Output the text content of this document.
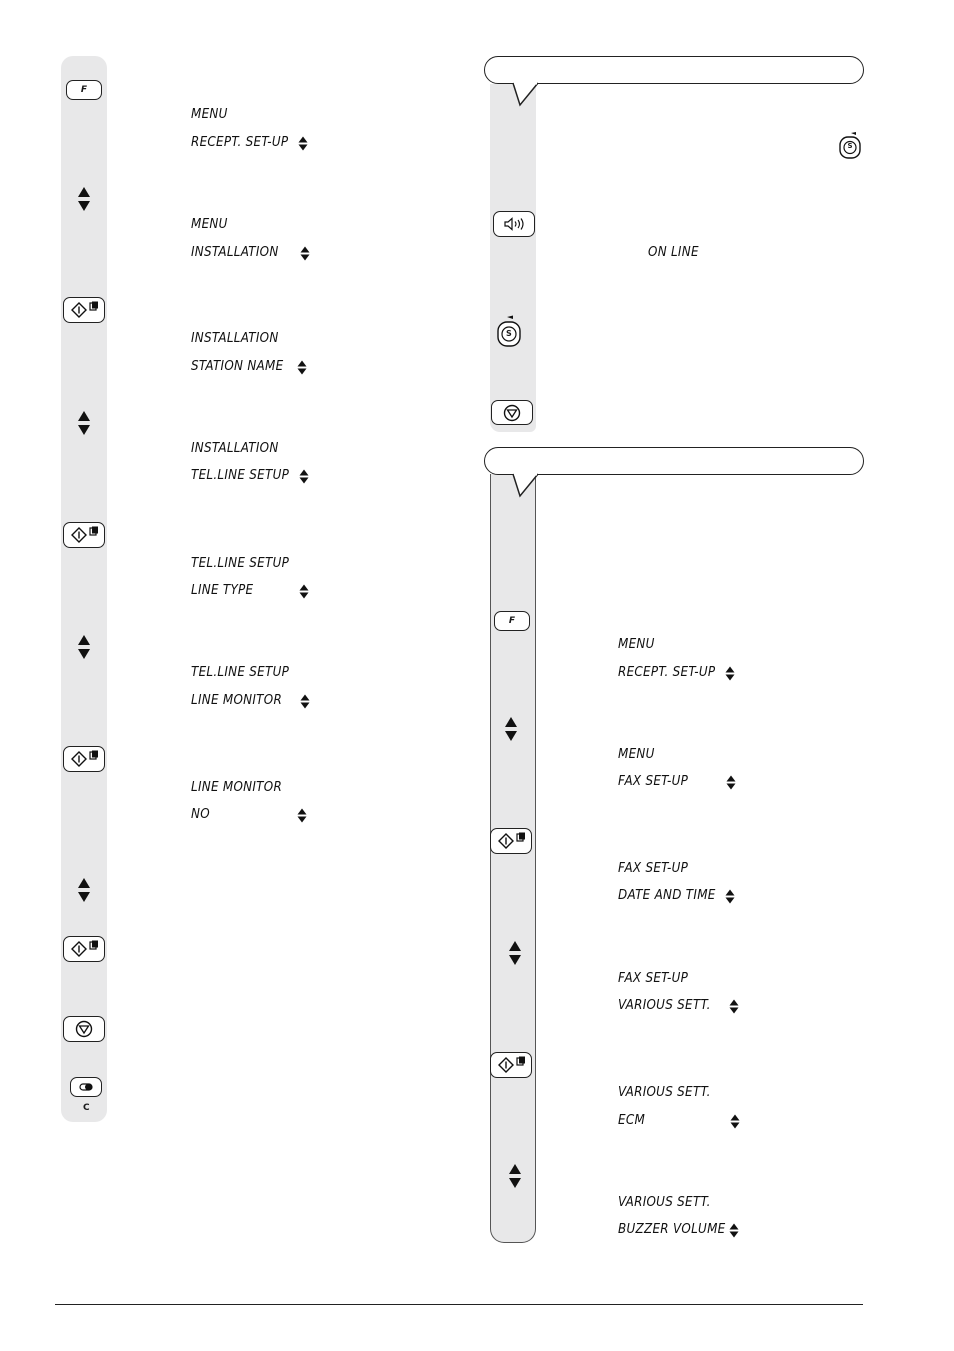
F
MENU
RECEPT. SET-UP
MENU
INSTALLATION
INSTALLATION
STATION NAME
INSTALLATION
TEL.LINE SETUP
TEL.LINE SETUP
LINE TYPE
TEL.LINE SETUP
LINE MONITOR
LINE MONITOR
NO
C
S
ON LINE
S
F
MENU
RECEPT. SET-UP
MENU
FAX SET-UP
FAX SET-UP
DATE AND TIME
FAX SET-UP
VARIOUS SETT.
VARIOUS SETT.
ECM
VARIOUS SETT.
BUZZER VOLUME
